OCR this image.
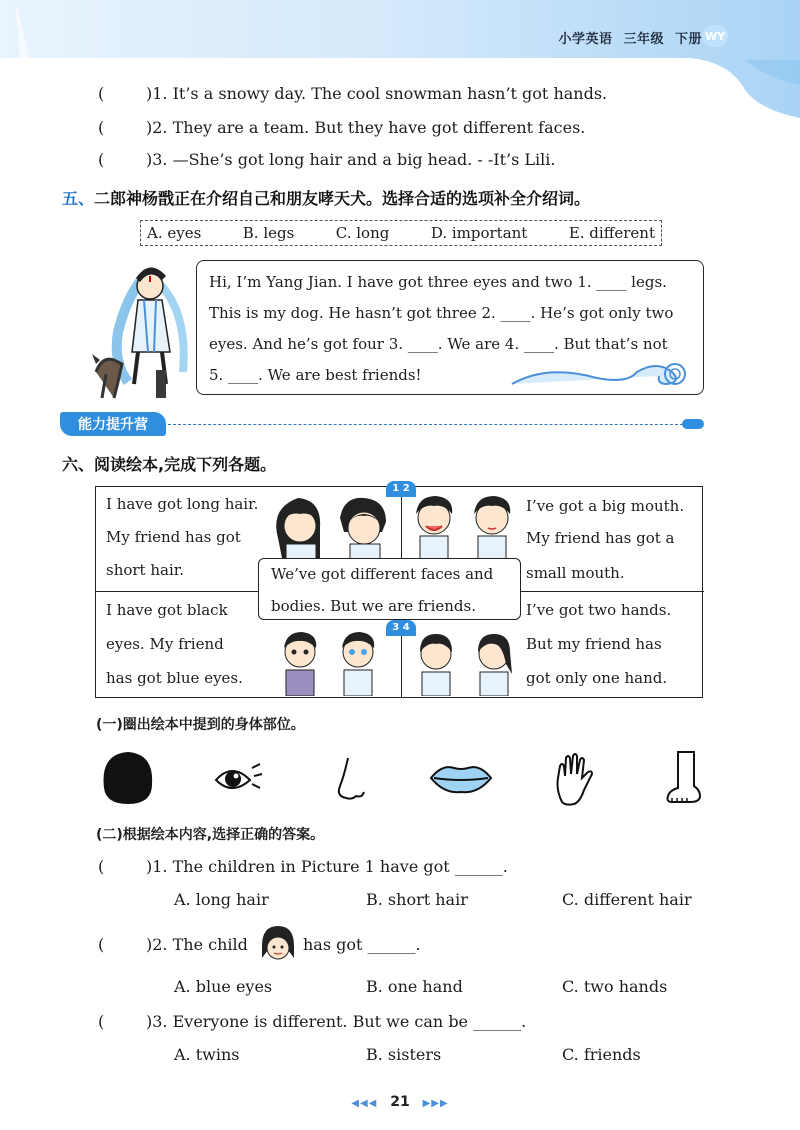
小学英语 三年级 下册 WY
(	)1. It’s a snowy day. The cool snowman hasn’t got hands.
(	)2. They are a team. But they have got different faces.
(	)3. —She’s got long hair and a big head. - -It’s Lili.
五、二郎神杨戬正在介绍自己和朋友哮天犬。选择合适的选项补全介绍词。
A. eyes	B. legs	C. long	D. important	E. different
Hi, I’m Yang Jian. I have got three eyes and two 1. ____ legs.
This is my dog. He hasn’t got three 2. ____. He’s got only two
eyes. And he’s got four 3. ____. We are 4. ____. But that’s not
5. ____. We are best friends!
能力提升营
六、阅读绘本,完成下列各题。
I have got long hair.
My friend has got
short hair.
I’ve got a big mouth.
My friend has got a
small mouth.
I have got black
eyes. My friend
has got blue eyes.
I’ve got two hands.
But my friend has
got only one hand.
1 2
3 4
We’ve got different faces and
bodies. But we are friends.
(一)圈出绘本中提到的身体部位。
(二)根据绘本内容,选择正确的答案。
(	)1. The children in Picture 1 have got ______.
A. long hair	B. short hair	C. different hair
(	)2. The child	has got ______.
A. blue eyes	B. one hand	C. two hands
(	)3. Everyone is different. But we can be ______.
A. twins	B. sisters	C. friends
◀◀◀ 21 ▶▶▶
